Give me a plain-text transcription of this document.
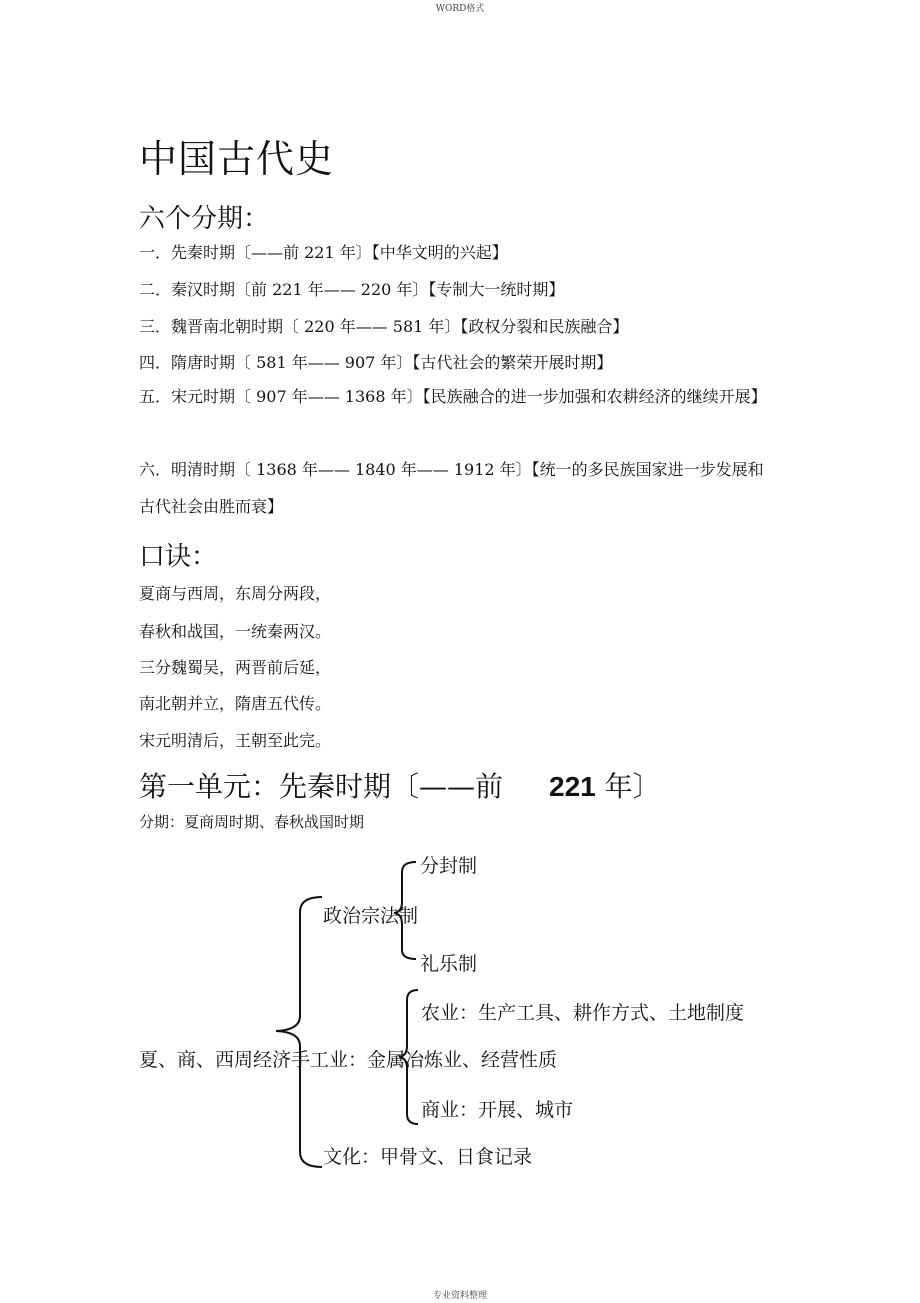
WORD格式
中国古代史
六个分期：
一．先秦时期〔——前 221 年〕【中华文明的兴起】
二．秦汉时期〔前 221 年—— 220 年〕【专制大一统时期】
三．魏晋南北朝时期〔 220 年—— 581 年〕【政权分裂和民族融合】
四．隋唐时期〔 581 年—— 907 年〕【古代社会的繁荣开展时期】
五．宋元时期〔 907 年—— 1368 年〕【民族融合的进一步加强和农耕经济的继续开展】
六．明清时期〔 1368 年—— 1840 年—— 1912 年〕【统一的多民族国家进一步发展和古代社会由胜而衰】
口诀：
夏商与西周，东周分两段，
春秋和战国，一统秦两汉。
三分魏蜀吴，两晋前后延，
南北朝并立，隋唐五代传。
宋元明清后，王朝至此完。
第一单元：先秦时期〔——前 221 年〕
分期：夏商周时期、春秋战国时期
分封制
政治宗法制
礼乐制
农业：生产工具、耕作方式、土地制度
夏、商、西周经济手工业：金属冶炼业、经营性质
商业：开展、城市
文化：甲骨文、日食记录
专业资料整理
